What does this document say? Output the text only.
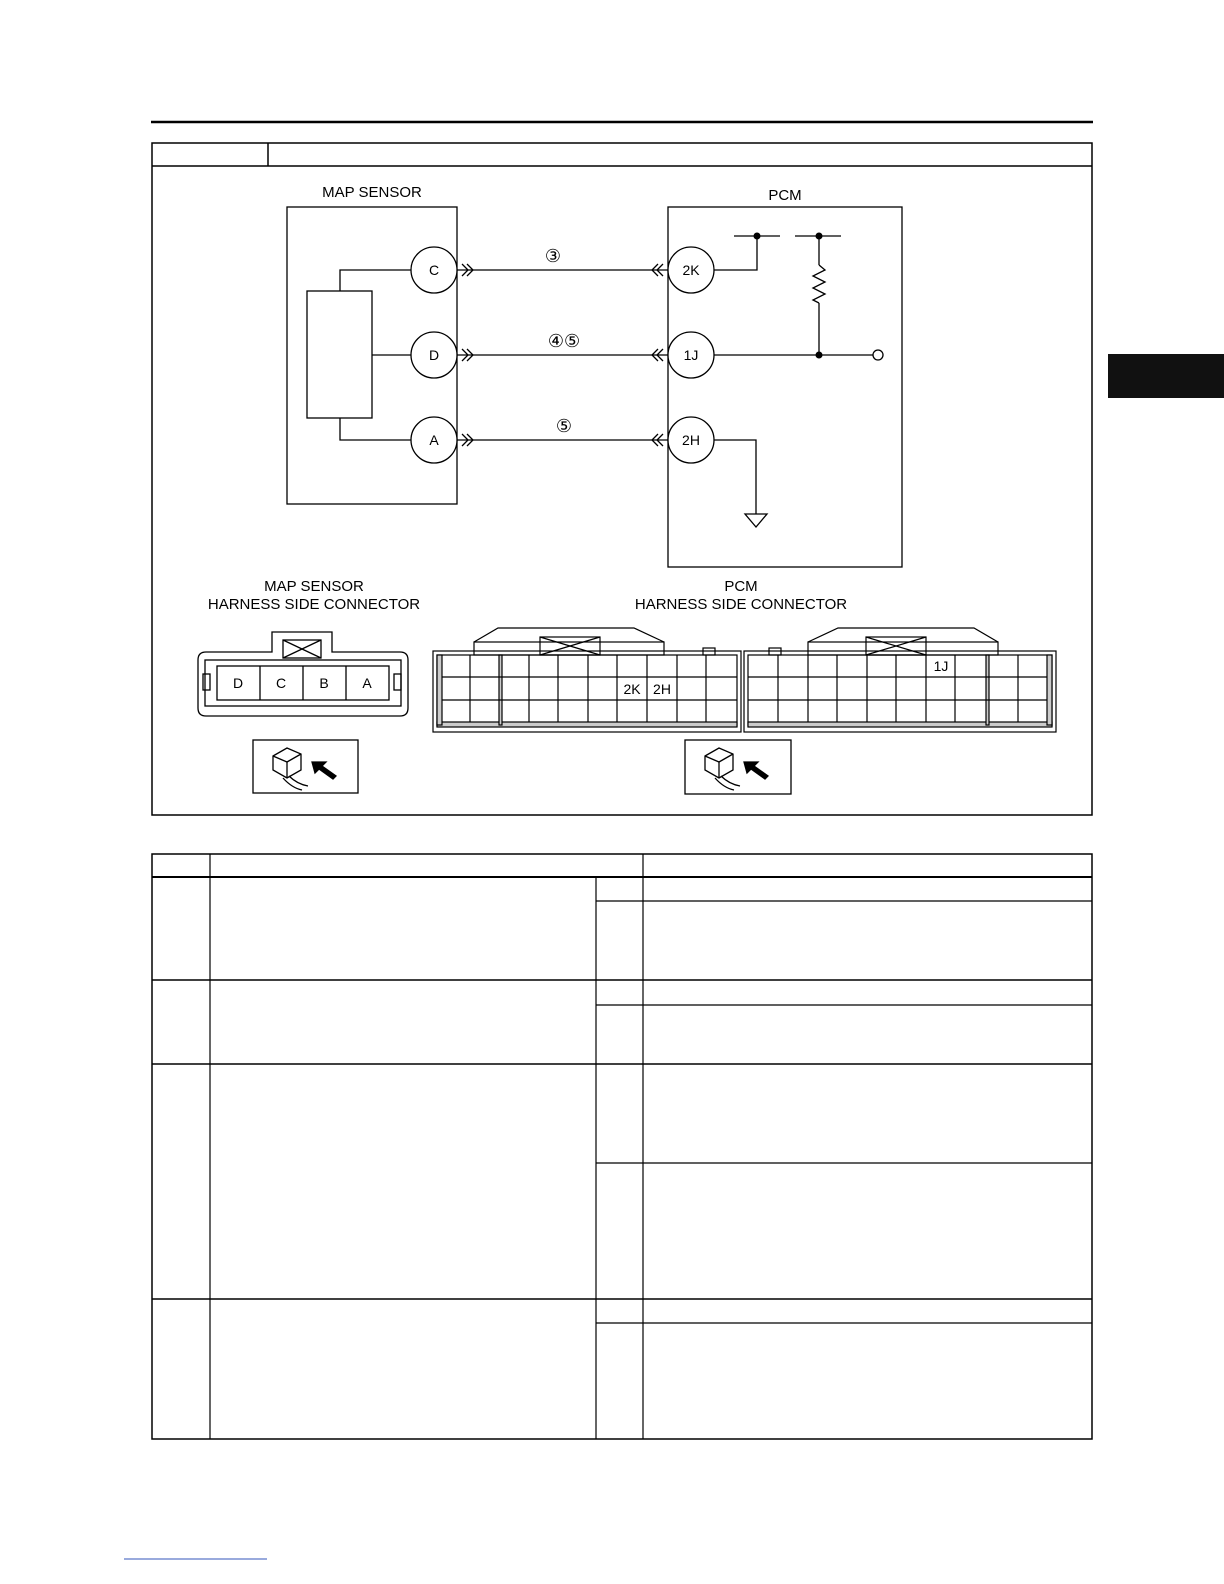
C
D
A
2K
1J
2H
MAP SENSOR	PCM
③
④⑤
⑤
MAP SENSOR
HARNESS SIDE CONNECTOR
D C B A
PCM
HARNESS SIDE CONNECTOR
2K 2H
1J
